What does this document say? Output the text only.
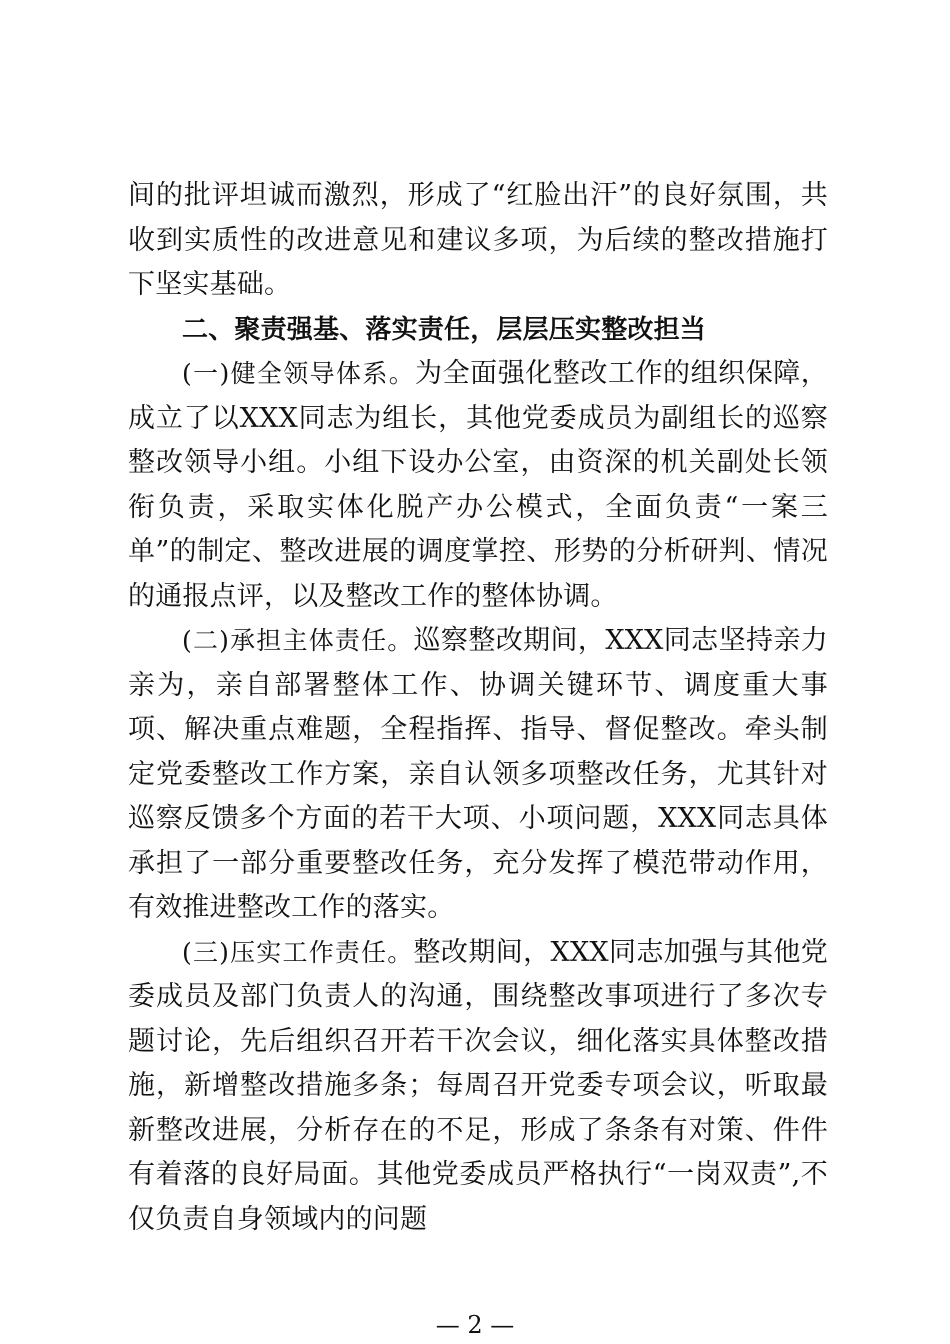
间的批评坦诚而激烈，形成了“红脸出汗”的良好氛围，共收到实质性的改进意见和建议多项，为后续的整改措施打下坚实基础。

二、聚责强基、落实责任，层层压实整改担当

(一)健全领导体系。为全面强化整改工作的组织保障，成立了以XXX同志为组长，其他党委成员为副组长的巡察整改领导小组。小组下设办公室，由资深的机关副处长领衔负责，采取实体化脱产办公模式，全面负责“一案三单”的制定、整改进展的调度掌控、形势的分析研判、情况的通报点评，以及整改工作的整体协调。

(二)承担主体责任。巡察整改期间，XXX同志坚持亲力亲为，亲自部署整体工作、协调关键环节、调度重大事项、解决重点难题，全程指挥、指导、督促整改。牵头制定党委整改工作方案，亲自认领多项整改任务，尤其针对巡察反馈多个方面的若干大项、小项问题，XXX同志具体承担了一部分重要整改任务，充分发挥了模范带动作用，有效推进整改工作的落实。

(三)压实工作责任。整改期间，XXX同志加强与其他党委成员及部门负责人的沟通，围绕整改事项进行了多次专题讨论，先后组织召开若干次会议，细化落实具体整改措施，新增整改措施多条；每周召开党委专项会议，听取最新整改进展，分析存在的不足，形成了条条有对策、件件有着落的良好局面。其他党委成员严格执行“一岗双责”,不仅负责自身领域内的问题

— 2 —
